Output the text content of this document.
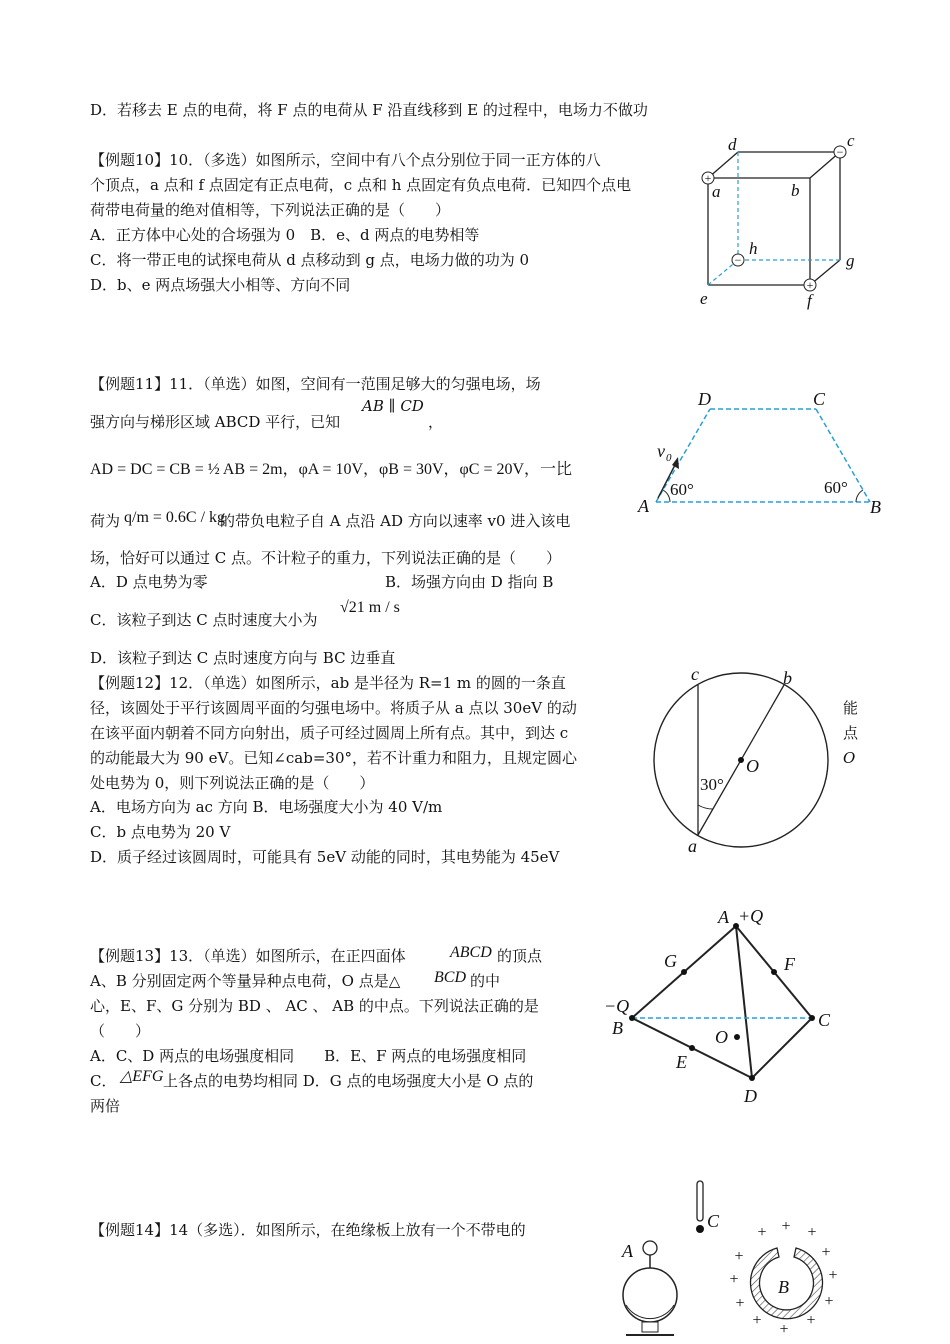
D．若移去 E 点的电荷，将 F 点的电荷从 F 沿直线移到 E 的过程中，电场力不做功
【例题10】10．（多选）如图所示，空间中有八个点分别位于同一正方体的八
个顶点，a 点和 f 点固定有正点电荷，c 点和 h 点固定有负点电荷．已知四个点电
荷带电荷量的绝对值相等，下列说法正确的是（　　）
A．正方体中心处的合场强为 0　B．e、d 两点的电势相等
C．将一带正电的试探电荷从 d 点移动到 g 点，电场力做的功为 0
D．b、e 两点场强大小相等、方向不同
【例题11】11．（单选）如图，空间有一范围足够大的匀强电场，场
强方向与梯形区域 ABCD 平行，已知
AB ∥ CD
，
AD = DC = CB = ½ AB = 2m，φA = 10V，φB = 30V，φC = 20V，一比
荷为 q/m = 0.6C / kg
的带负电粒子自 A 点沿 AD 方向以速率 v0 进入该电
场，恰好可以通过 C 点。不计粒子的重力，下列说法正确的是（　　）
A．D 点电势为零	B．场强方向由 D 指向 B
C．该粒子到达 C 点时速度大小为
√21 m / s
D．该粒子到达 C 点时速度方向与 BC 边垂直
【例题12】12．（单选）如图所示，ab 是半径为 R=1 m 的圆的一条直
径，该圆处于平行该圆周平面的匀强电场中。将质子从 a 点以 30eV 的动
在该平面内朝着不同方向射出，质子可经过圆周上所有点。其中，到达 c
的动能最大为 90 eV。已知∠cab=30°，若不计重力和阻力，且规定圆心
处电势为 0，则下列说法正确的是（　　）
A．电场方向为 ac 方向 B．电场强度大小为 40 V/m
C．b 点电势为 20 V
D．质子经过该圆周时，可能具有 5eV 动能的同时，其电势能为 45eV
能
点
O
【例题13】13．（单选）如图所示，在正四面体	ABCD 的顶点
A、B 分别固定两个等量异种点电荷，O 点是△ BCD 的中
心，E、F、G 分别为 BD 、 AC 、 AB 的中点。下列说法正确的是
（　　）
A．C、D 两点的电场强度相同　　B．E、F 两点的电场强度相同
C． △EFG 上各点的电势均相同 D．G 点的电场强度大小是 O 点的
两倍
【例题14】14（多选）．如图所示，在绝缘板上放有一个不带电的
d	c
a	b
h
g
e	f
+
−
−
+
D	C
A	B
v 0
60°	60°
c	b
O
a
30°
A +Q
G	F
−Q
B	C
O
E
D
C
A
B
+ + +
+	+
+	+
+	+
+	+
+
